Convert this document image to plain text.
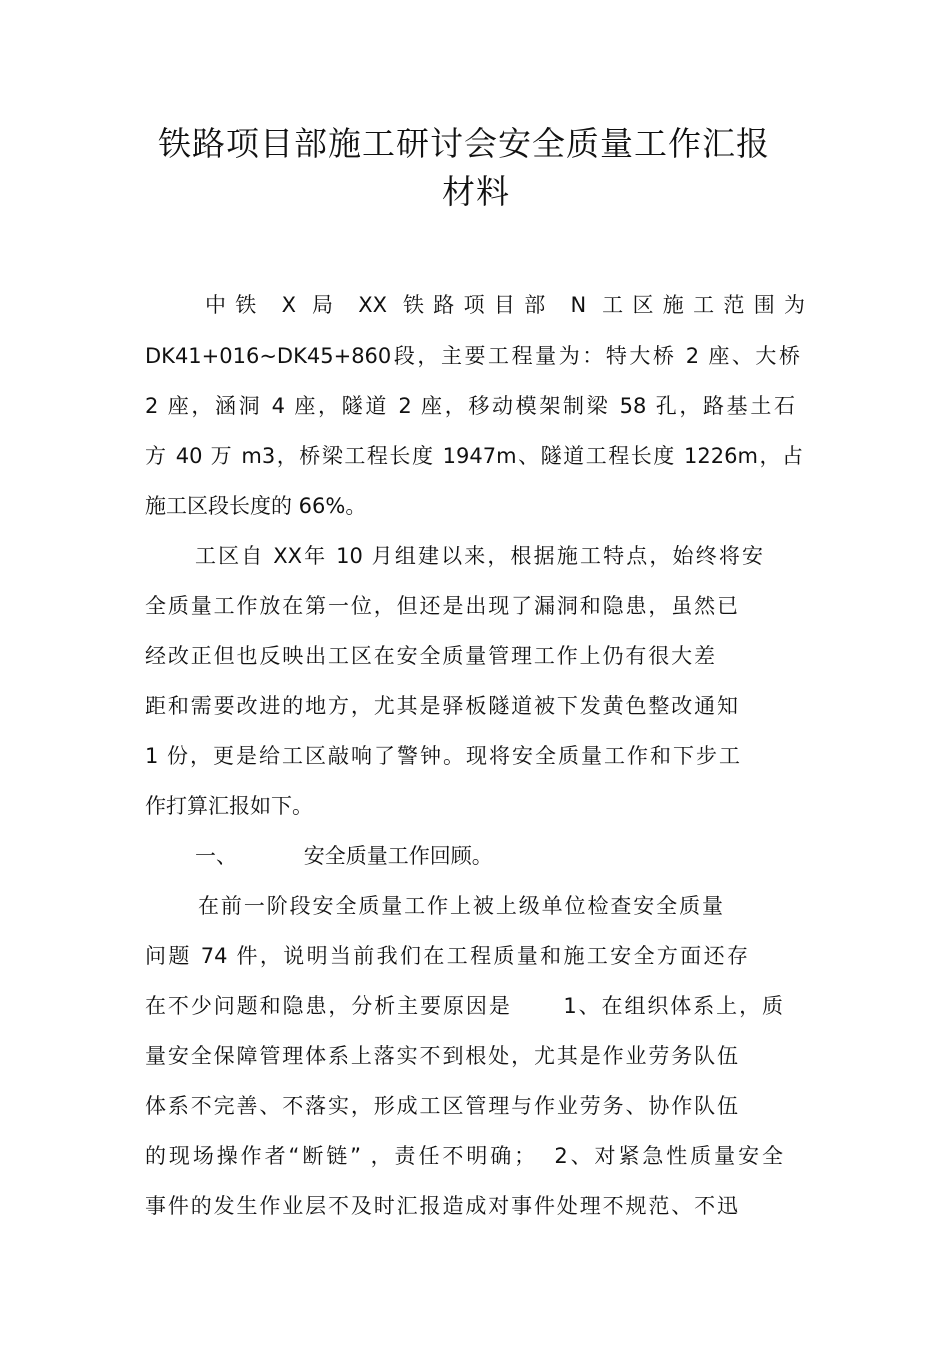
铁路项目部施工研讨会安全质量工作汇报
材料
中铁 X 局 XX 铁路项目部 N 工区施工范围为
DK41+016~DK45+860段，主要工程量为：特大桥 2 座、大桥
2 座，涵洞 4 座，隧道 2 座，移动模架制梁 58 孔，路基土石
方 40 万 m3，桥梁工程长度 1947m、隧道工程长度 1226m，占
施工区段长度的 66%。
工区自 XX年 10 月组建以来，根据施工特点，始终将安
全质量工作放在第一位，但还是出现了漏洞和隐患，虽然已
经改正但也反映出工区在安全质量管理工作上仍有很大差
距和需要改进的地方，尤其是驿板隧道被下发黄色整改通知
1 份，更是给工区敲响了警钟。现将安全质量工作和下步工
作打算汇报如下。
一、          安全质量工作回顾。
在前一阶段安全质量工作上被上级单位检查安全质量
问题 74 件，说明当前我们在工程质量和施工安全方面还存
在不少问题和隐患，分析主要原因是      1、在组织体系上，质
量安全保障管理体系上落实不到根处，尤其是作业劳务队伍
体系不完善、不落实，形成工区管理与作业劳务、协作队伍
的现场操作者“断链” ，责任不明确；  2、对紧急性质量安全
事件的发生作业层不及时汇报造成对事件处理不规范、不迅
